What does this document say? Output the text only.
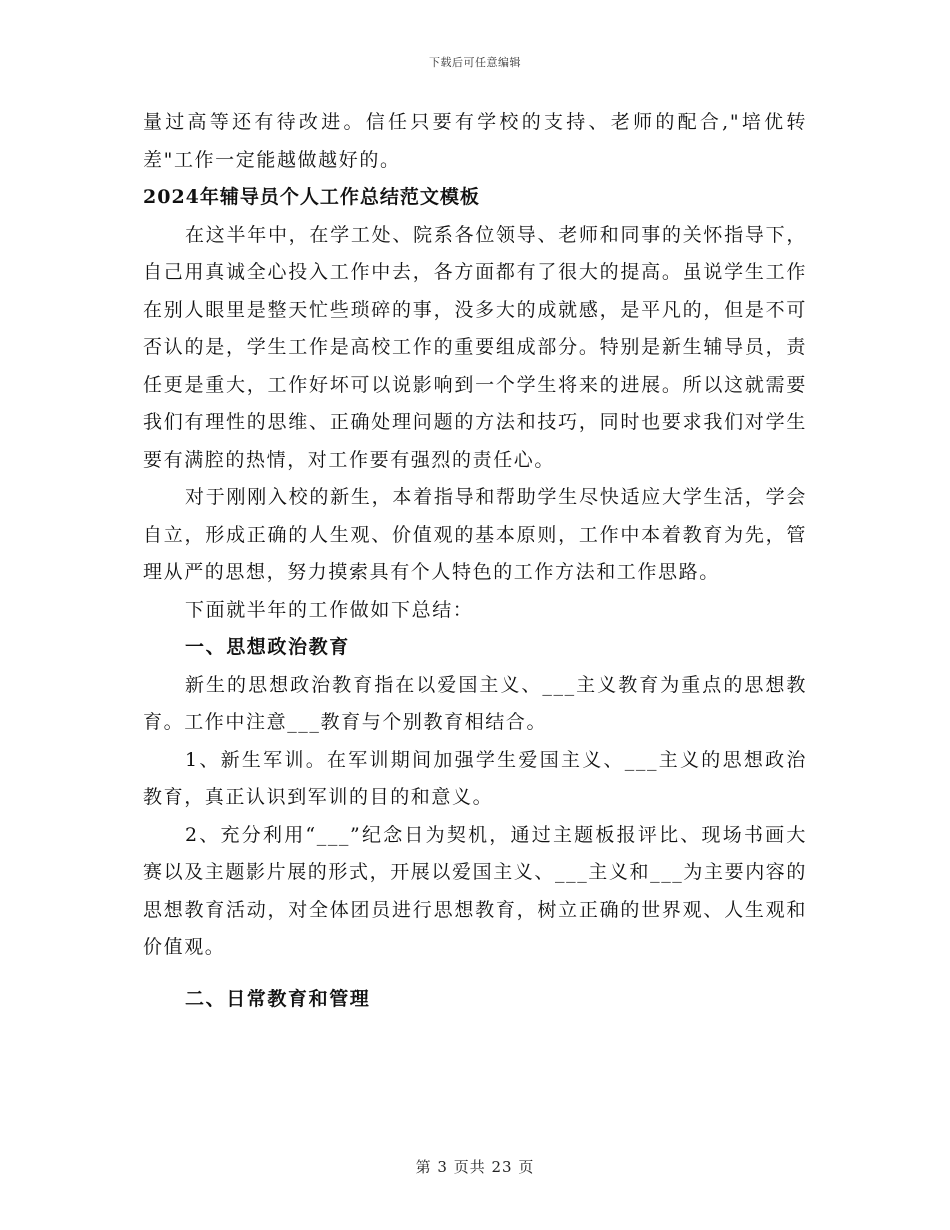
下载后可任意编辑

量过高等还有待改进。信任只要有学校的支持、老师的配合,"培优转差"工作一定能越做越好的。

2024年辅导员个人工作总结范文模板

在这半年中，在学工处、院系各位领导、老师和同事的关怀指导下，自己用真诚全心投入工作中去，各方面都有了很大的提高。虽说学生工作在别人眼里是整天忙些琐碎的事，没多大的成就感，是平凡的，但是不可否认的是，学生工作是高校工作的重要组成部分。特别是新生辅导员，责任更是重大，工作好坏可以说影响到一个学生将来的进展。所以这就需要我们有理性的思维、正确处理问题的方法和技巧，同时也要求我们对学生要有满腔的热情，对工作要有强烈的责任心。

对于刚刚入校的新生，本着指导和帮助学生尽快适应大学生活，学会自立，形成正确的人生观、价值观的基本原则，工作中本着教育为先，管理从严的思想，努力摸索具有个人特色的工作方法和工作思路。

下面就半年的工作做如下总结：

一、思想政治教育

新生的思想政治教育指在以爱国主义、___主义教育为重点的思想教育。工作中注意___教育与个别教育相结合。

1、新生军训。在军训期间加强学生爱国主义、___主义的思想政治教育，真正认识到军训的目的和意义。

2、充分利用“___”纪念日为契机，通过主题板报评比、现场书画大赛以及主题影片展的形式，开展以爱国主义、___主义和___为主要内容的思想教育活动，对全体团员进行思想教育，树立正确的世界观、人生观和价值观。

二、日常教育和管理

第 3 页共 23 页
